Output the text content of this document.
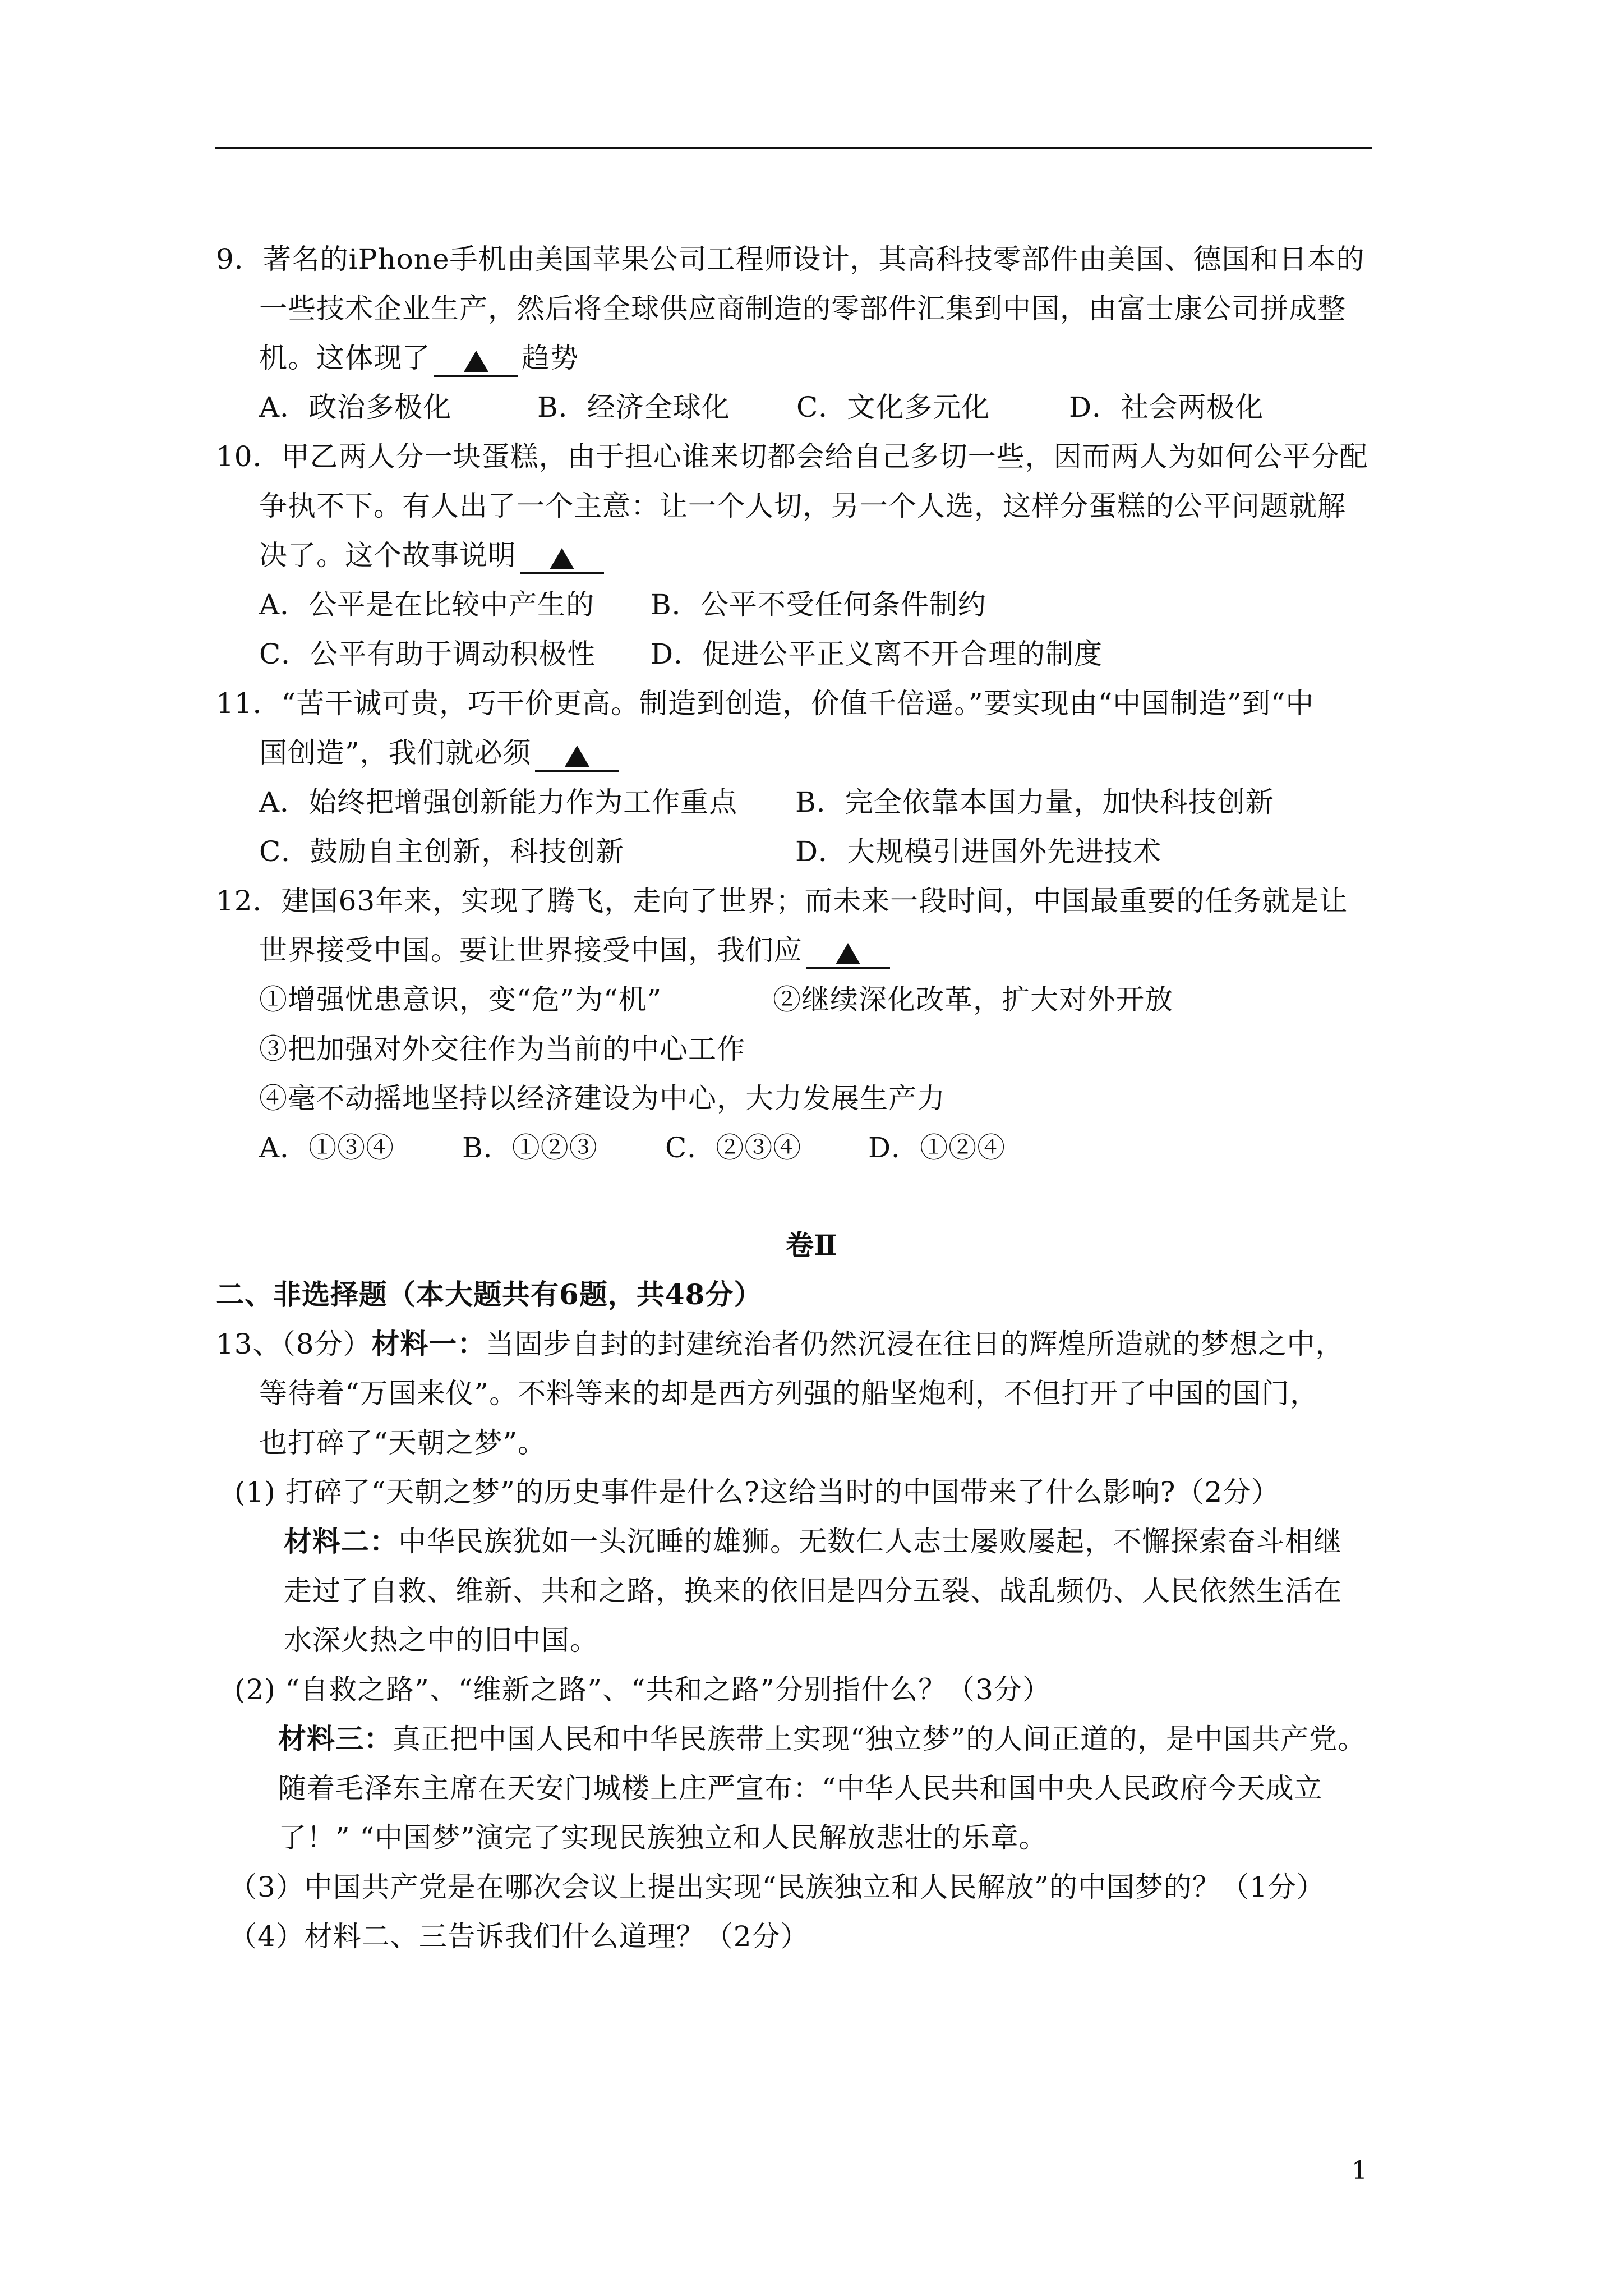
9．著名的iPhone手机由美国苹果公司工程师设计，其高科技零部件由美国、德国和日本的
一些技术企业生产，然后将全球供应商制造的零部件汇集到中国，由富士康公司拼成整
机。这体现了	趋势
A．政治多极化	B．经济全球化 C．文化多元化	D．社会两极化
10．甲乙两人分一块蛋糕，由于担心谁来切都会给自己多切一些，因而两人为如何公平分配
争执不下。有人出了一个主意：让一个人切，另一个人选，这样分蛋糕的公平问题就解
决了。这个故事说明
A．公平是在比较中产生的 B．公平不受任何条件制约
C．公平有助于调动积极性 D．促进公平正义离不开合理的制度
11．“苦干诚可贵，巧干价更高。制造到创造，价值千倍遥。”要实现由“中国制造”到“中
国创造”，我们就必须
A．始终把增强创新能力作为工作重点 B．完全依靠本国力量，加快科技创新
C．鼓励自主创新，科技创新	D．大规模引进国外先进技术
12．建国63年来，实现了腾飞，走向了世界；而未来一段时间，中国最重要的任务就是让
世界接受中国。要让世界接受中国，我们应
①增强忧患意识，变“危”为“机”	②继续深化改革，扩大对外开放
③把加强对外交往作为当前的中心工作
④毫不动摇地坚持以经济建设为中心，大力发展生产力
A．①③④ B．①②③ C．②③④ D．①②④
卷Ⅱ
二、非选择题（本大题共有6题，共48分）
13、（8分）材料一：当固步自封的封建统治者仍然沉浸在往日的辉煌所造就的梦想之中，
等待着“万国来仪”。不料等来的却是西方列强的船坚炮利，不但打开了中国的国门，
也打碎了“天朝之梦”。
(1) 打碎了“天朝之梦”的历史事件是什么?这给当时的中国带来了什么影响?（2分）
材料二：中华民族犹如一头沉睡的雄狮。无数仁人志士屡败屡起，不懈探索奋斗相继
走过了自救、维新、共和之路，换来的依旧是四分五裂、战乱频仍、人民依然生活在
水深火热之中的旧中国。
(2) “自救之路”、“维新之路”、“共和之路”分别指什么？（3分）
材料三：真正把中国人民和中华民族带上实现“独立梦”的人间正道的，是中国共产党。
随着毛泽东主席在天安门城楼上庄严宣布：“中华人民共和国中央人民政府今天成立
了！” “中国梦”演完了实现民族独立和人民解放悲壮的乐章。
（3）中国共产党是在哪次会议上提出实现“民族独立和人民解放”的中国梦的？（1分）
（4）材料二、三告诉我们什么道理？（2分）
1
